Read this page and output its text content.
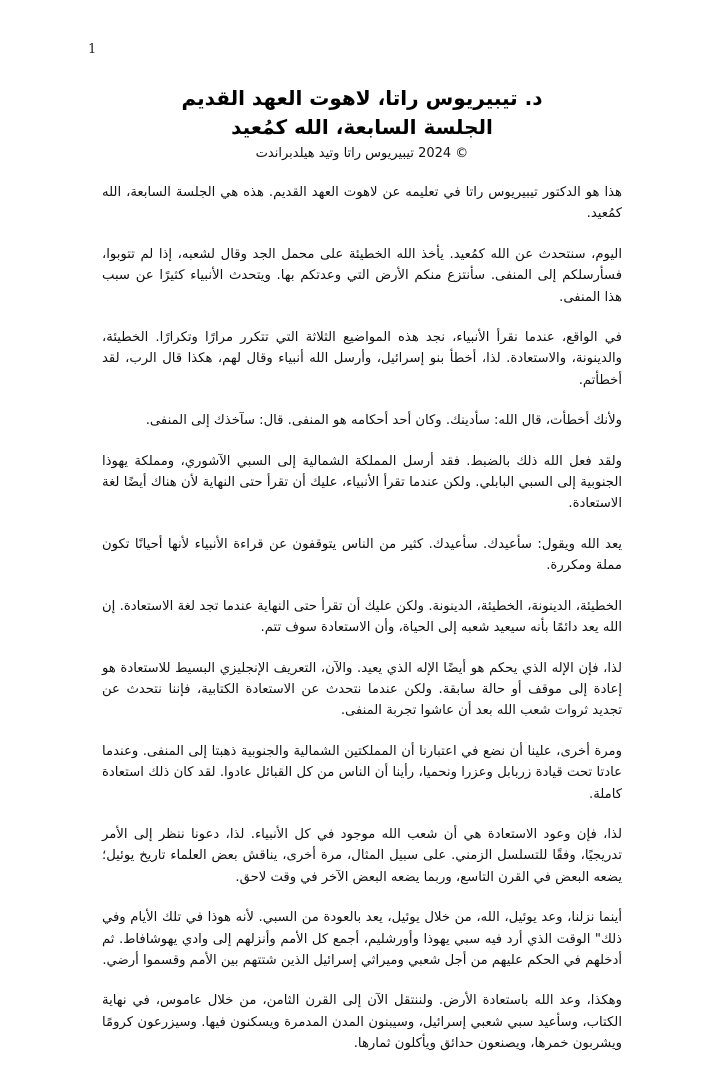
1
د. تيبيريوس راتا، لاهوت العهد القديم
الجلسة السابعة، الله كمُعيد
© 2024 تيبيريوس راتا وتيد هيلدبراندت

هذا هو الدكتور تيبيريوس راتا في تعليمه عن لاهوت العهد القديم. هذه هي الجلسة السابعة، الله كمُعيد.

اليوم، سنتحدث عن الله كمُعيد. يأخذ الله الخطيئة على محمل الجد وقال لشعبه، إذا لم تتوبوا، فسأرسلكم إلى المنفى. سأنتزع منكم الأرض التي وعدتكم بها. ويتحدث الأنبياء كثيرًا عن سبب هذا المنفى.

في الواقع، عندما نقرأ الأنبياء، نجد هذه المواضيع الثلاثة التي تتكرر مرارًا وتكرارًا. الخطيئة، والدينونة، والاستعادة. لذا، أخطأ بنو إسرائيل، وأرسل الله أنبياء وقال لهم، هكذا قال الرب، لقد أخطأتم.

ولأنك أخطأت، قال الله: سأدينك. وكان أحد أحكامه هو المنفى. قال: سآخذك إلى المنفى.

ولقد فعل الله ذلك بالضبط. فقد أرسل المملكة الشمالية إلى السبي الآشوري، ومملكة يهوذا الجنوبية إلى السبي البابلي. ولكن عندما تقرأ الأنبياء، عليك أن تقرأ حتى النهاية لأن هناك أيضًا لغة الاستعادة.

يعد الله ويقول: سأعيدك. سأعيدك. كثير من الناس يتوقفون عن قراءة الأنبياء لأنها أحيانًا تكون مملة ومكررة.

الخطيئة، الدينونة، الخطيئة، الدينونة. ولكن عليك أن تقرأ حتى النهاية عندما تجد لغة الاستعادة. إن الله يعد دائمًا بأنه سيعيد شعبه إلى الحياة، وأن الاستعادة سوف تتم.

لذا، فإن الإله الذي يحكم هو أيضًا الإله الذي يعيد. والآن، التعريف الإنجليزي البسيط للاستعادة هو إعادة إلى موقف أو حالة سابقة. ولكن عندما نتحدث عن الاستعادة الكتابية، فإننا نتحدث عن تجديد ثروات شعب الله بعد أن عاشوا تجربة المنفى.

ومرة أخرى، علينا أن نضع في اعتبارنا أن المملكتين الشمالية والجنوبية ذهبتا إلى المنفى. وعندما عادتا تحت قيادة زربابل وعزرا ونحميا، رأينا أن الناس من كل القبائل عادوا. لقد كان ذلك استعادة كاملة.

لذا، فإن وعود الاستعادة هي أن شعب الله موجود في كل الأنبياء. لذا، دعونا ننظر إلى الأمر تدريجيًا، وفقًا للتسلسل الزمني. على سبيل المثال، مرة أخرى، يناقش بعض العلماء تاريخ يوئيل؛ يضعه البعض في القرن التاسع، وربما يضعه البعض الآخر في وقت لاحق.

أينما نزلنا، وعد يوئيل، الله، من خلال يوئيل، يعد بالعودة من السبي. لأنه هوذا في تلك الأيام وفي ذلك" الوقت الذي أرد فيه سبي يهوذا وأورشليم، أجمع كل الأمم وأنزلهم إلى وادي يهوشافاط. ثم أدخلهم في الحكم عليهم من أجل شعبي وميراثي إسرائيل الذين شتتهم بين الأمم وقسموا أرضي.

وهكذا، وعد الله باستعادة الأرض. ولننتقل الآن إلى القرن الثامن، من خلال عاموس، في نهاية الكتاب، وسأعيد سبي شعبي إسرائيل، وسيبنون المدن المدمرة ويسكنون فيها. وسيزرعون كرومًا ويشربون خمرها، ويصنعون حدائق ويأكلون ثمارها.
